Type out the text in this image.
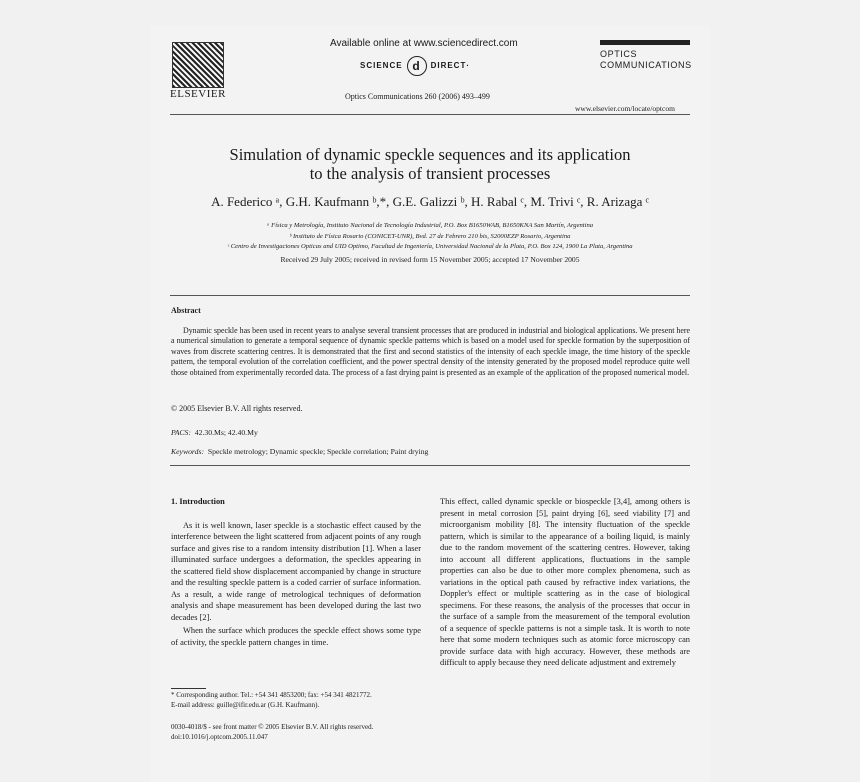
ELSEVIER
Available online at www.sciencedirect.com
SCIENCE d DIRECT·
Optics Communications 260 (2006) 493–499
OPTICS
COMMUNICATIONS
www.elsevier.com/locate/optcom
Simulation of dynamic speckle sequences and its application
to the analysis of transient processes
A. Federico ᵃ, G.H. Kaufmann ᵇ,*, G.E. Galizzi ᵇ, H. Rabal ᶜ, M. Trivi ᶜ, R. Arizaga ᶜ
ᵃ Física y Metrología, Instituto Nacional de Tecnología Industrial, P.O. Box B1650WAB, B1650KNA San Martín, Argentina
ᵇ Instituto de Física Rosario (CONICET-UNR), Bvd. 27 de Febrero 210 bis, S2000EZP Rosario, Argentina
ᶜ Centro de Investigaciones Opticas and UID Optimo, Facultad de Ingeniería, Universidad Nacional de la Plata, P.O. Box 124, 1900 La Plata, Argentina
Received 29 July 2005; received in revised form 15 November 2005; accepted 17 November 2005
Abstract

Dynamic speckle has been used in recent years to analyse several transient processes that are produced in industrial and biological applications. We present here a numerical simulation to generate a temporal sequence of dynamic speckle patterns which is based on a model used for speckle formation by the superposition of waves from discrete scattering centres. It is demonstrated that the first and second statistics of the intensity of each speckle image, the time history of the speckle pattern, the temporal evolution of the correlation coefficient, and the power spectral density of the intensity generated by the proposed model reproduce quite well those obtained from experimentally recorded data. The process of a fast drying paint is presented as an example of the application of the proposed numerical model.

© 2005 Elsevier B.V. All rights reserved.
PACS: 42.30.Ms; 42.40.My
Keywords: Speckle metrology; Dynamic speckle; Speckle correlation; Paint drying
1. Introduction

As it is well known, laser speckle is a stochastic effect caused by the interference between the light scattered from adjacent points of any rough surface and gives rise to a random intensity distribution [1]. When a laser illuminated surface undergoes a deformation, the speckles appearing in the scattered field show displacement accompanied by change in structure and the resulting speckle pattern is a coded carrier of surface information. As a result, a wide range of metrological techniques of deformation analysis and shape measurement has been developed during the last two decades [2].

When the surface which produces the speckle effect shows some type of activity, the speckle pattern changes in time.

This effect, called dynamic speckle or biospeckle [3,4], among others is present in metal corrosion [5], paint drying [6], seed viability [7] and microorganism mobility [8]. The intensity fluctuation of the speckle pattern, which is similar to the appearance of a boiling liquid, is mainly due to the random movement of the scattering centres. However, taking into account all different applications, fluctuations in the sample properties can also be due to other more complex phenomena, such as variations in the optical path caused by refractive index variations, the Doppler's effect or multiple scattering as in the case of biological specimens. For these reasons, the analysis of the processes that occur in the surface of a sample from the measurement of the temporal evolution of a sequence of speckle patterns is not a simple task. It is worth to note here that some modern techniques such as atomic force microscopy can provide surface data with high accuracy. However, these methods are difficult to apply because they need delicate adjustment and extremely

* Corresponding author. Tel.: +54 341 4853200; fax: +54 341 4821772.
E-mail address: guille@ifir.edu.ar (G.H. Kaufmann).
0030-4018/$ - see front matter © 2005 Elsevier B.V. All rights reserved.
doi:10.1016/j.optcom.2005.11.047
